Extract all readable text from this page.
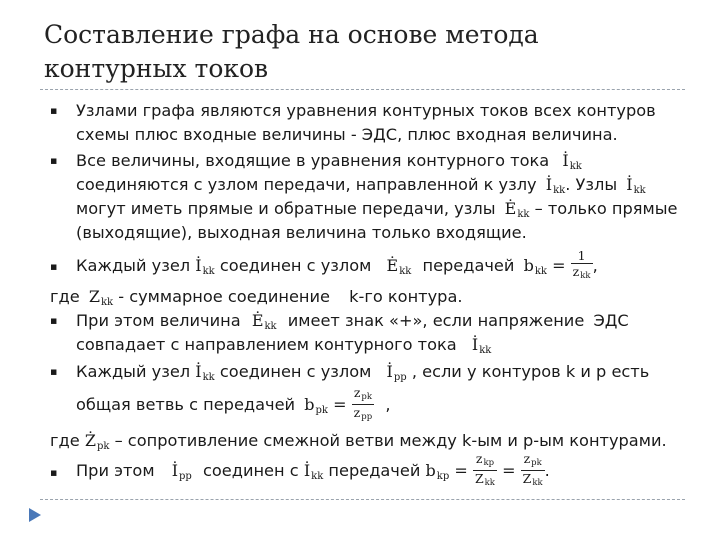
Составление графа на основе метода контурных токов
▪ Узлами графа являются уравнения контурных токов всех контуров
схемы плюс входные величины - ЭДС, плюс входная величина.
▪ Все величины, входящие в уравнения контурного тока $İ_{kk}$
соединяются с узлом передачи, направленной к узлу $İ_{kk}$. Узлы $İ_{kk}$
могут иметь прямые и обратные передачи, узлы $Ė_{kk}$ – только прямые
(выходящие), выходная величина только входящие.
▪ Каждый узел $İ_{kk}$ соединен с узлом $Ė_{kk}$ передачей $b_{kk} = \frac{1}{z_{kk}}$ ,
где $Z_{kk}$ - суммарное соединение k-го контура.
▪ При этом величина $Ė_{kk}$ имеет знак «+», если напряжение ЭДС
совпадает с направлением контурного тока $İ_{kk}$
▪ Каждый узел $İ_{kk}$ соединен с узлом $İ_{pp}$ , если у контуров k и р есть
общая ветвь с передачей $b_{pk} = \frac{z_{pk}}{z_{pp}}$ ,
где $Ż_{pk}$ – сопротивление смежной ветви между k-ым и р-ым контурами.
▪ При этом $İ_{pp}$ соединен с $İ_{kk}$ передачей $b_{kp} = \frac{z_{kp}}{Z_{kk}} = \frac{z_{pk}}{Z_{kk}}$ .
